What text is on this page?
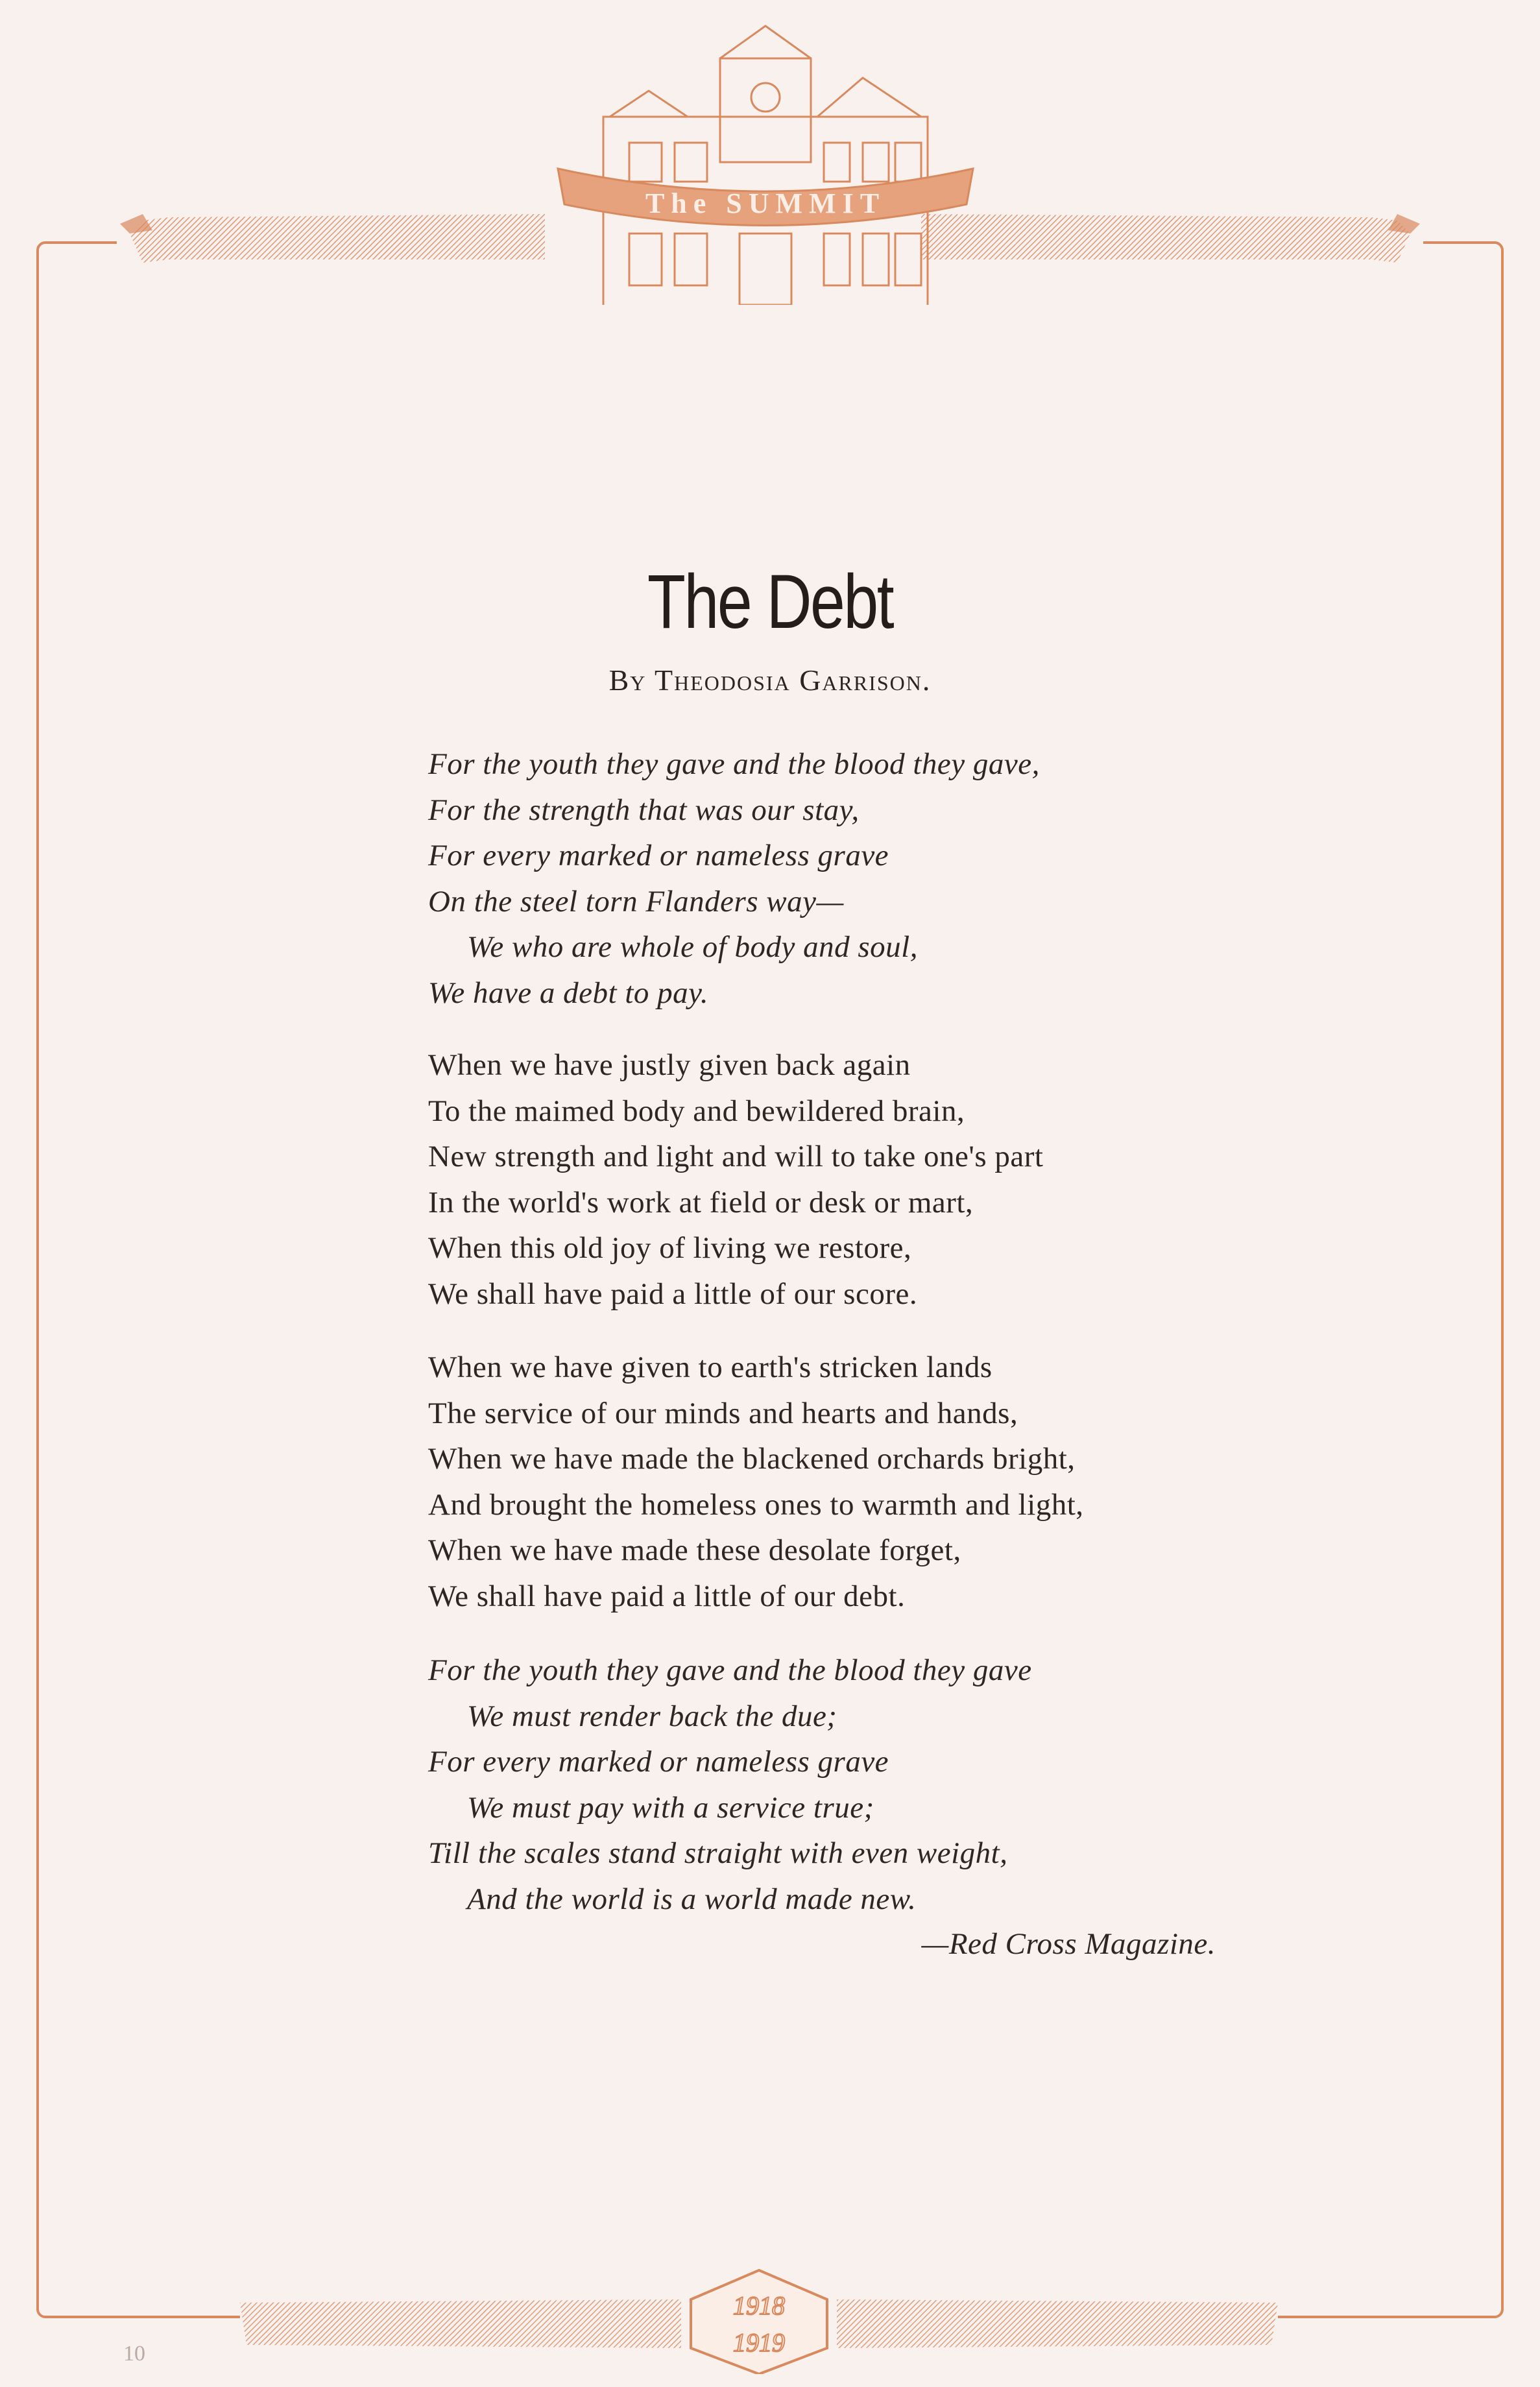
The SUMMIT
1918
1919
10
The Debt
By Theodosia Garrison.
For the youth they gave and the blood they gave,
For the strength that was our stay,
For every marked or nameless grave
On the steel torn Flanders way—
We who are whole of body and soul,
We have a debt to pay.
When we have justly given back again
To the maimed body and bewildered brain,
New strength and light and will to take one's part
In the world's work at field or desk or mart,
When this old joy of living we restore,
We shall have paid a little of our score.
When we have given to earth's stricken lands
The service of our minds and hearts and hands,
When we have made the blackened orchards bright,
And brought the homeless ones to warmth and light,
When we have made these desolate forget,
We shall have paid a little of our debt.
For the youth they gave and the blood they gave
We must render back the due;
For every marked or nameless grave
We must pay with a service true;
Till the scales stand straight with even weight,
And the world is a world made new.
—Red Cross Magazine.
